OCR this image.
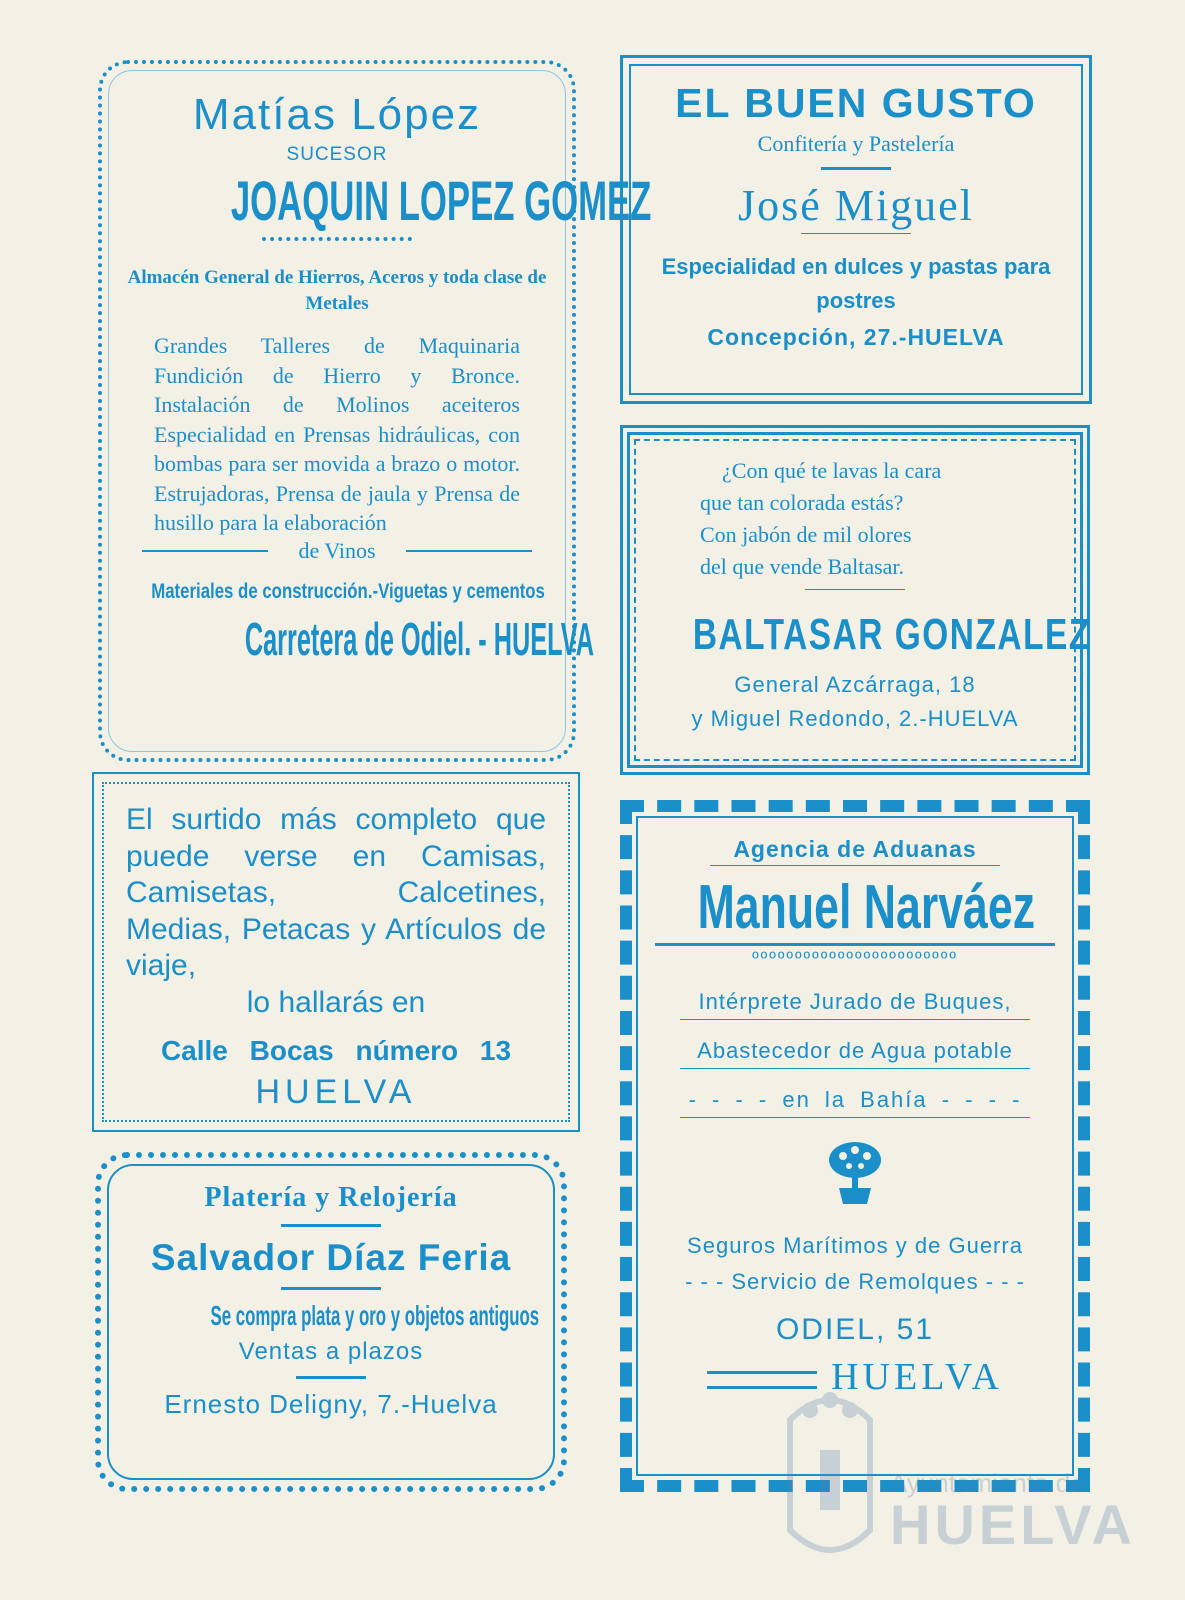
Matías López
SUCESOR
JOAQUIN LOPEZ GOMEZ
Almacén General de Hierros, Aceros y toda clase de Metales
Grandes Talleres de Maquinaria Fundición de Hierro y Bronce. Instalación de Molinos aceiteros Especialidad en Prensas hidráulicas, con bombas para ser movida a brazo o motor. Estrujadoras, Prensa de jaula y Prensa de husillo para la elaboración
de Vinos
Materiales de construcción.-Viguetas y cementos
Carretera de Odiel. - HUELVA
EL BUEN GUSTO
Confitería y Pastelería
José Miguel
Especialidad en dulces y pastas para postres
Concepción, 27.-HUELVA
¿Con qué te lavas la cara
que tan colorada estás?
Con jabón de mil olores
del que vende Baltasar.
BALTASAR GONZALEZ
General Azcárraga, 18
y Miguel Redondo, 2.-HUELVA
El surtido más completo que puede verse en Camisas, Camisetas, Calcetines, Medias, Petacas y Artículos de viaje,
lo hallarás en
Calle Bocas número 13
HUELVA
Platería y Relojería
Salvador Díaz Feria
Se compra plata y oro y objetos antiguos
Ventas a plazos
Ernesto Deligny, 7.-Huelva
Agencia de Aduanas
Manuel Narváez
ºººººººººººººººººººººººº
Intérprete Jurado de Buques,
Abastecedor de Agua potable
- - - - en la Bahía - - - -
Seguros Marítimos y de Guerra
- - - Servicio de Remolques - - -
ODIEL, 51
HUELVA
Ayuntamiento de
HUELVA
